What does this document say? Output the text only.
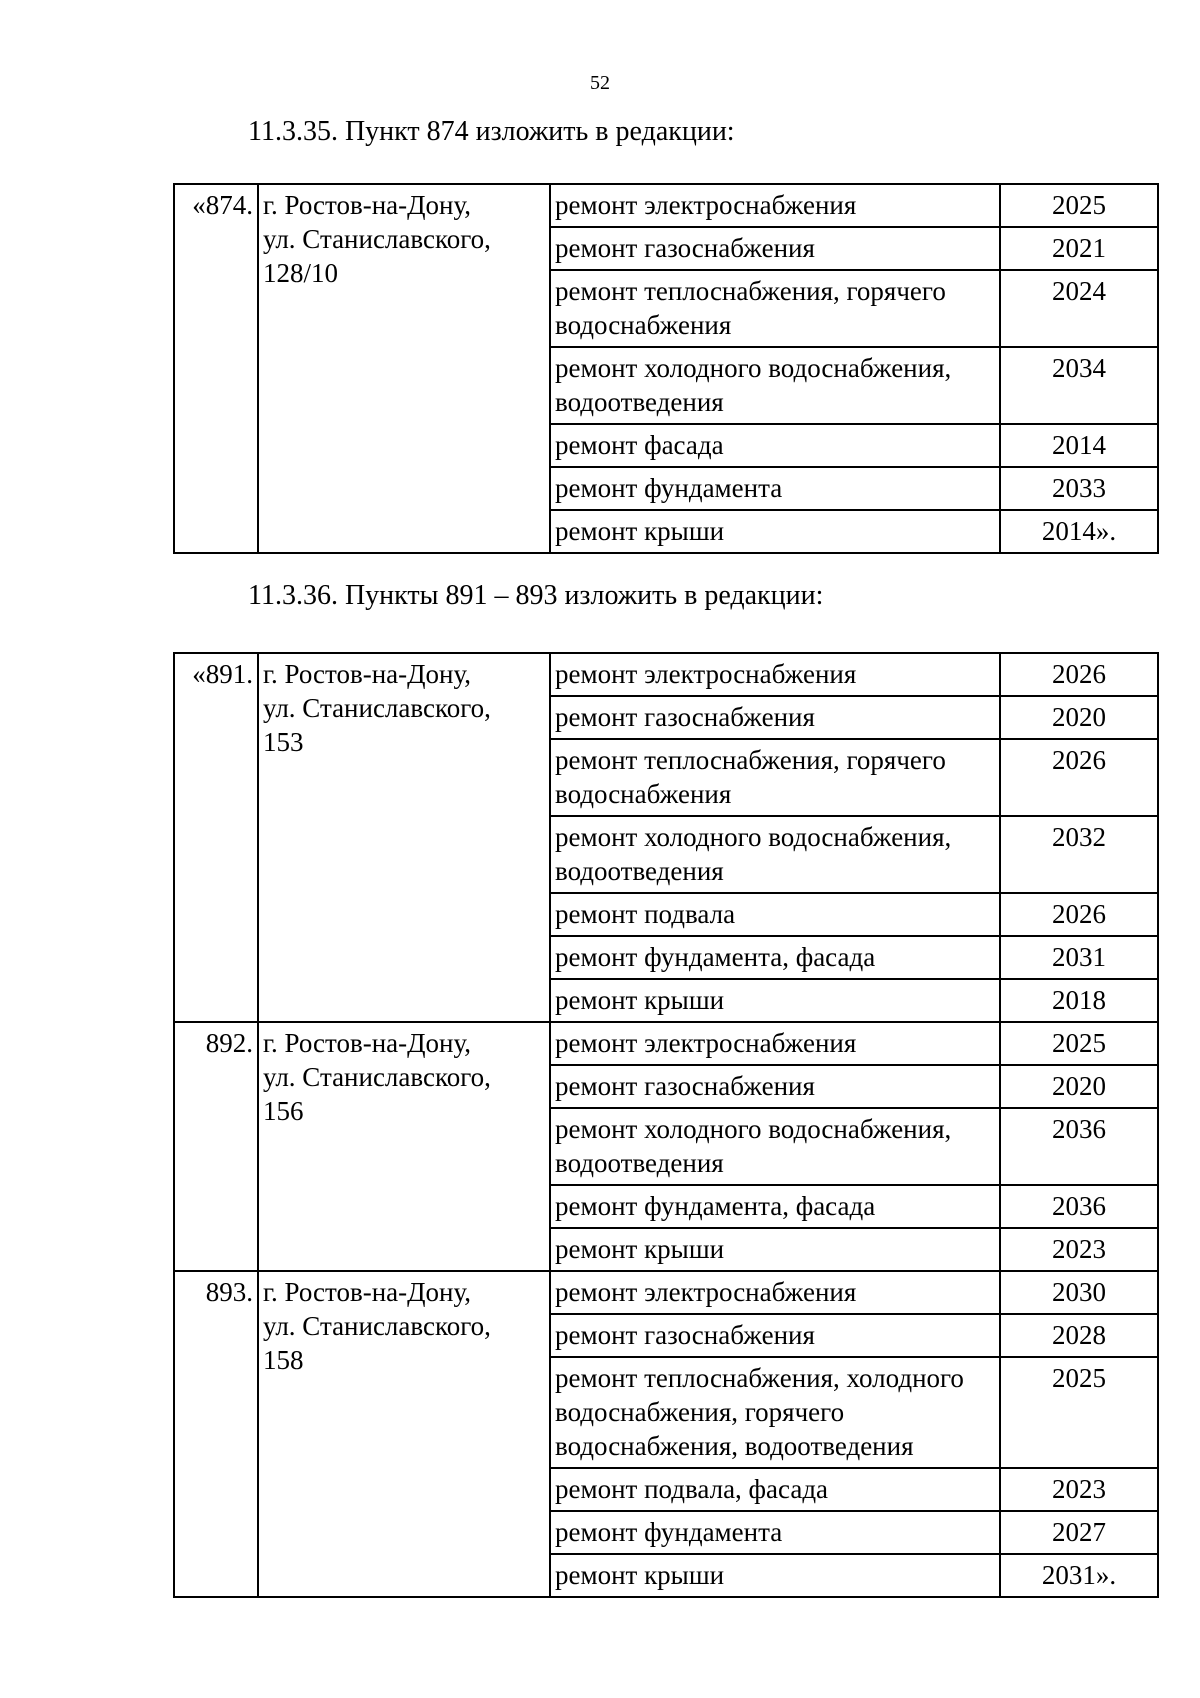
52
11.3.35. Пункт 874 изложить в редакции:
«874.	г. Ростов-на-Дону,
ул. Станиславского,
128/10	ремонт электроснабжения	2025
		ремонт газоснабжения	2021
		ремонт теплоснабжения, горячего
водоснабжения	2024
		ремонт холодного водоснабжения,
водоотведения	2034
		ремонт фасада	2014
		ремонт фундамента	2033
		ремонт крыши	2014».
11.3.36. Пункты 891 – 893 изложить в редакции:
«891.	г. Ростов-на-Дону,
ул. Станиславского,
153	ремонт электроснабжения	2026
		ремонт газоснабжения	2020
		ремонт теплоснабжения, горячего
водоснабжения	2026
		ремонт холодного водоснабжения,
водоотведения	2032
		ремонт подвала	2026
		ремонт фундамента, фасада	2031
		ремонт крыши	2018
892.	г. Ростов-на-Дону,
ул. Станиславского,
156	ремонт электроснабжения	2025
		ремонт газоснабжения	2020
		ремонт холодного водоснабжения,
водоотведения	2036
		ремонт фундамента, фасада	2036
		ремонт крыши	2023
893.	г. Ростов-на-Дону,
ул. Станиславского,
158	ремонт электроснабжения	2030
		ремонт газоснабжения	2028
		ремонт теплоснабжения, холодного
водоснабжения, горячего
водоснабжения, водоотведения	2025
		ремонт подвала, фасада	2023
		ремонт фундамента	2027
		ремонт крыши	2031».
